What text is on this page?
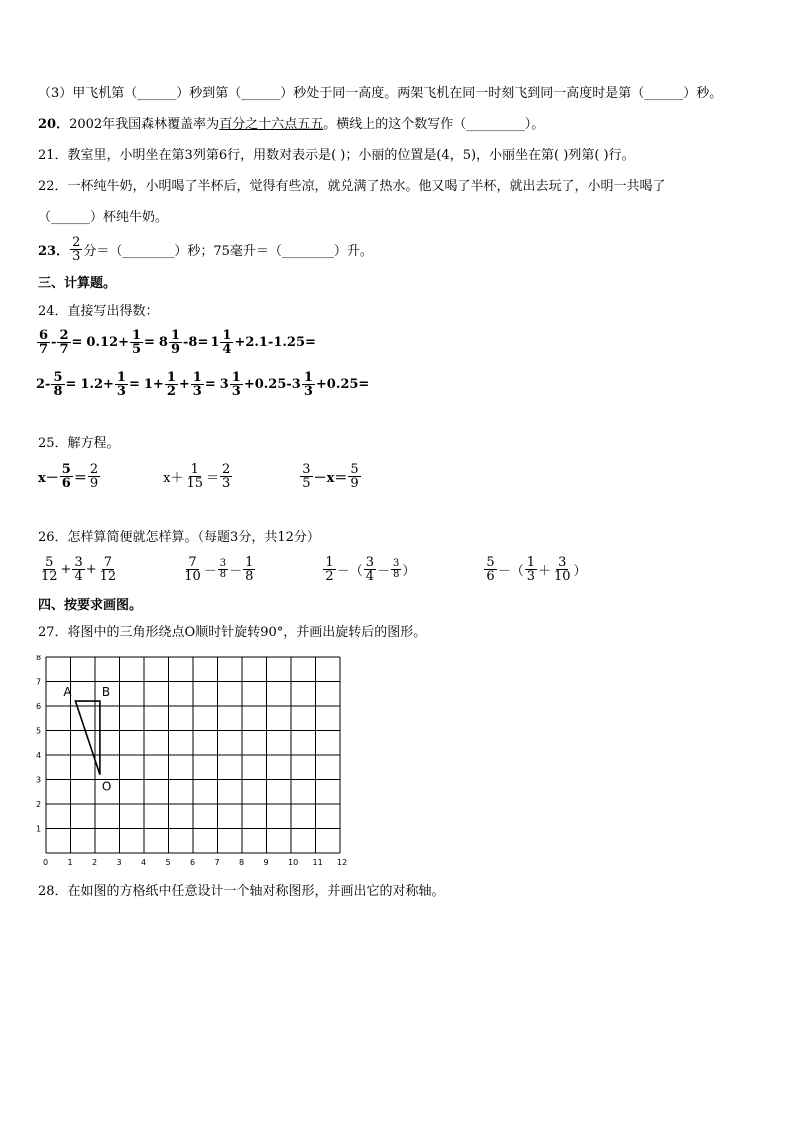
（3）甲飞机第（______）秒到第（______）秒处于同一高度。两架飞机在同一时刻飞到同一高度时是第（______）秒。
20．2002年我国森林覆盖率为百分之十六点五五。横线上的这个数写作（_________）。
21．教室里，小明坐在第3列第6行，用数对表示是( )；小丽的位置是(4，5)，小丽坐在第( )列第( )行。
22．一杯纯牛奶，小明喝了半杯后，觉得有些凉，就兑满了热水。他又喝了半杯，就出去玩了，小明一共喝了
（______）杯纯牛奶。
23． $\frac{2}{3}$ 分＝（________）秒；75毫升＝（________）升。
三、计算题。
24．直接写出得数：
$\frac{6}{7} - \frac{2}{7} = 0.12+ \frac{1}{5} = 8 \frac{1}{9} -8= 1 \frac{1}{4} +2.1-1.25=$
$2- \frac{5}{8} = 1.2+ \frac{1}{3} = 1+ \frac{1}{2} + \frac{1}{3} = 3 \frac{1}{3} +0.25-3 \frac{1}{3} +0.25=$
25．解方程。
$x- \frac{5}{6} = \frac{2}{9}$	$x+ \frac{1}{15} = \frac{2}{3}$	$\frac{3}{5} -x= \frac{5}{9}$
26．怎样算简便就怎样算。（每题3分，共12分）
$\frac{5}{12} + \frac{3}{4} + \frac{7}{12}$	$\frac{7}{10} - \frac{3}{8} - \frac{1}{8}$	$\frac{1}{2}$ －（ $\frac{3}{4} - \frac{3}{8}$ ）	$\frac{5}{6}$ －（ $\frac{1}{3} + \frac{3}{10}$ ）
四、按要求画图。
27．将图中的三角形绕点O顺时针旋转90°，并画出旋转后的图形。
0 1 2 3 4 5 6 7 8 9 10 11 12
1
2
3
4
5
6
7
8
A	B
O
28．在如图的方格纸中任意设计一个轴对称图形，并画出它的对称轴。
